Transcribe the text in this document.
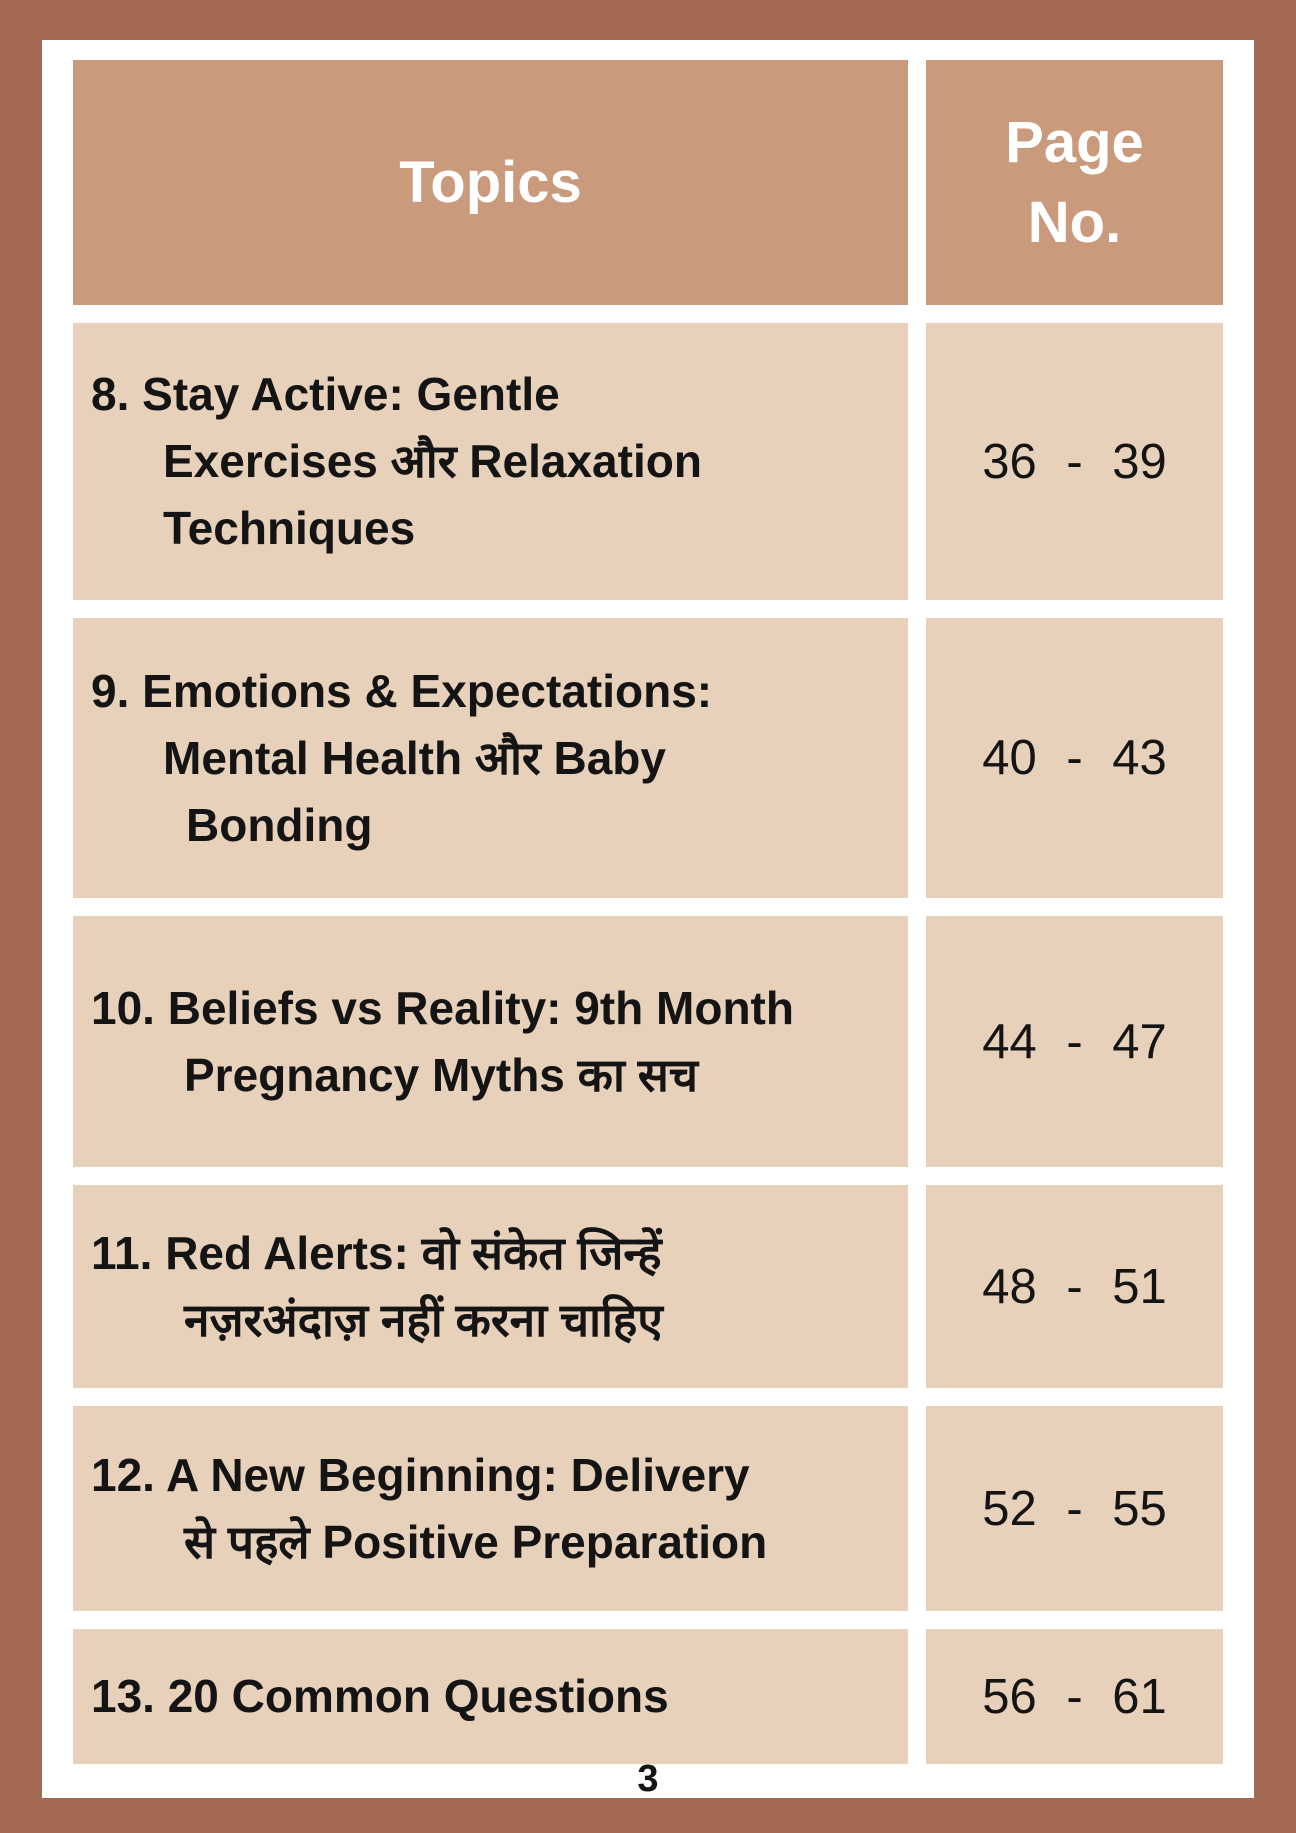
Topics
Page
No.
8. Stay Active: Gentle
Exercises और Relaxation
Techniques
36 - 39
9. Emotions & Expectations:
Mental Health और Baby
Bonding
40 - 43
10. Beliefs vs Reality: 9th Month
Pregnancy Myths का सच
44 - 47
11. Red Alerts: वो संकेत जिन्हें
नज़रअंदाज़ नहीं करना चाहिए
48 - 51
12. A New Beginning: Delivery
से पहले Positive Preparation
52 - 55
13. 20 Common Questions	56 - 61
3
